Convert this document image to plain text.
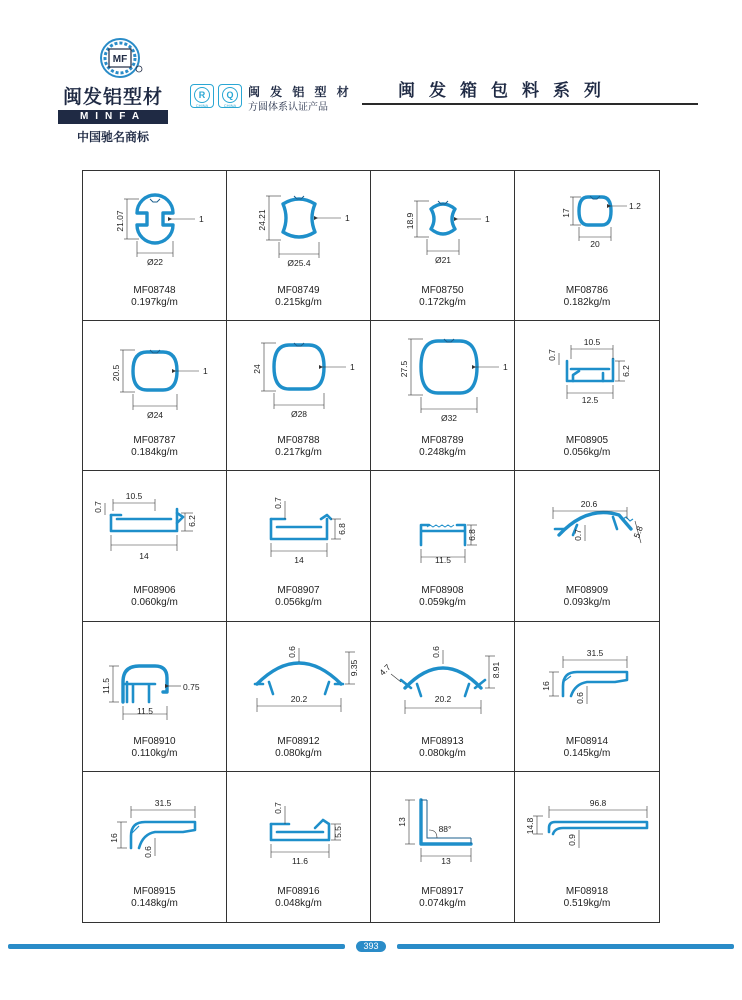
MF
闽发铝型材
MINFA
中国驰名商标
R
CHINA
Q
CHINA
闽 发 铝 型 材
方圆体系认证产品
闽发箱包料系列
21.07
Ø22
1
MF08748
0.197kg/m
24.21
Ø25.4
1
MF08749
0.215kg/m
18.9
Ø21
1
MF08750
0.172kg/m
17
20
1.2
MF08786
0.182kg/m
20.5
Ø24
1
MF08787
0.184kg/m
24
Ø28
1
MF08788
0.217kg/m
27.5
Ø32
1
MF08789
0.248kg/m
10.5
6.2
12.5
0.7
MF08905
0.056kg/m
10.5
6.2
14
0.7
MF08906
0.060kg/m
6.8
14
0.7
MF08907
0.056kg/m
6.8
11.5
MF08908
0.059kg/m
20.6
0.7	5.8
MF08909
0.093kg/m
11.5	0.75
11.5
MF08910
0.110kg/m
0.6
9.35
20.2
MF08912
0.080kg/m
0.6
4.7	8.91
20.2
MF08913
0.080kg/m
31.5
16
0.6
MF08914
0.145kg/m
31.5
16
0.6
MF08915
0.148kg/m
5.5
11.6
0.7
MF08916
0.048kg/m
88°
13
13
MF08917
0.074kg/m
96.8
14.8
0.9
MF08918
0.519kg/m
393
